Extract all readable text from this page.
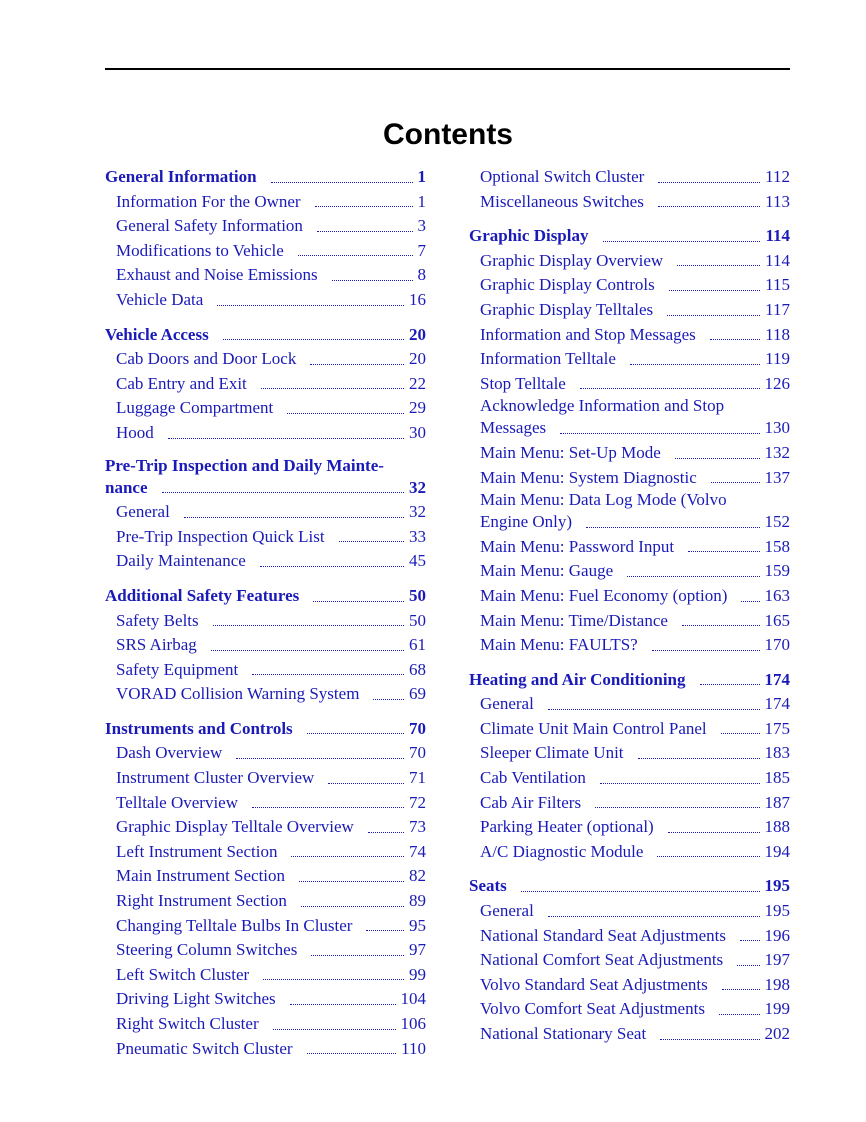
Contents
General Information	1
Information For the Owner	1
General Safety Information	3
Modifications to Vehicle	7
Exhaust and Noise Emissions	8
Vehicle Data	16
Vehicle Access	20
Cab Doors and Door Lock	20
Cab Entry and Exit	22
Luggage Compartment	29
Hood	30
Pre-Trip Inspection and Daily Mainte-
nance	32
General	32
Pre-Trip Inspection Quick List	33
Daily Maintenance	45
Additional Safety Features	50
Safety Belts	50
SRS Airbag	61
Safety Equipment	68
VORAD Collision Warning System	69
Instruments and Controls	70
Dash Overview	70
Instrument Cluster Overview	71
Telltale Overview	72
Graphic Display Telltale Overview	73
Left Instrument Section	74
Main Instrument Section	82
Right Instrument Section	89
Changing Telltale Bulbs In Cluster	95
Steering Column Switches	97
Left Switch Cluster	99
Driving Light Switches	104
Right Switch Cluster	106
Pneumatic Switch Cluster	110
Optional Switch Cluster	112
Miscellaneous Switches	113
Graphic Display	114
Graphic Display Overview	114
Graphic Display Controls	115
Graphic Display Telltales	117
Information and Stop Messages	118
Information Telltale	119
Stop Telltale	126
Acknowledge Information and Stop
Messages	130
Main Menu: Set-Up Mode	132
Main Menu: System Diagnostic	137
Main Menu: Data Log Mode (Volvo
Engine Only)	152
Main Menu: Password Input	158
Main Menu: Gauge	159
Main Menu: Fuel Economy (option) 163
Main Menu: Time/Distance	165
Main Menu: FAULTS?	170
Heating and Air Conditioning	174
General	174
Climate Unit Main Control Panel	175
Sleeper Climate Unit	183
Cab Ventilation	185
Cab Air Filters	187
Parking Heater (optional)	188
A/C Diagnostic Module	194
Seats	195
General	195
National Standard Seat Adjustments 196
National Comfort Seat Adjustments 197
Volvo Standard Seat Adjustments	198
Volvo Comfort Seat Adjustments	199
National Stationary Seat	202
